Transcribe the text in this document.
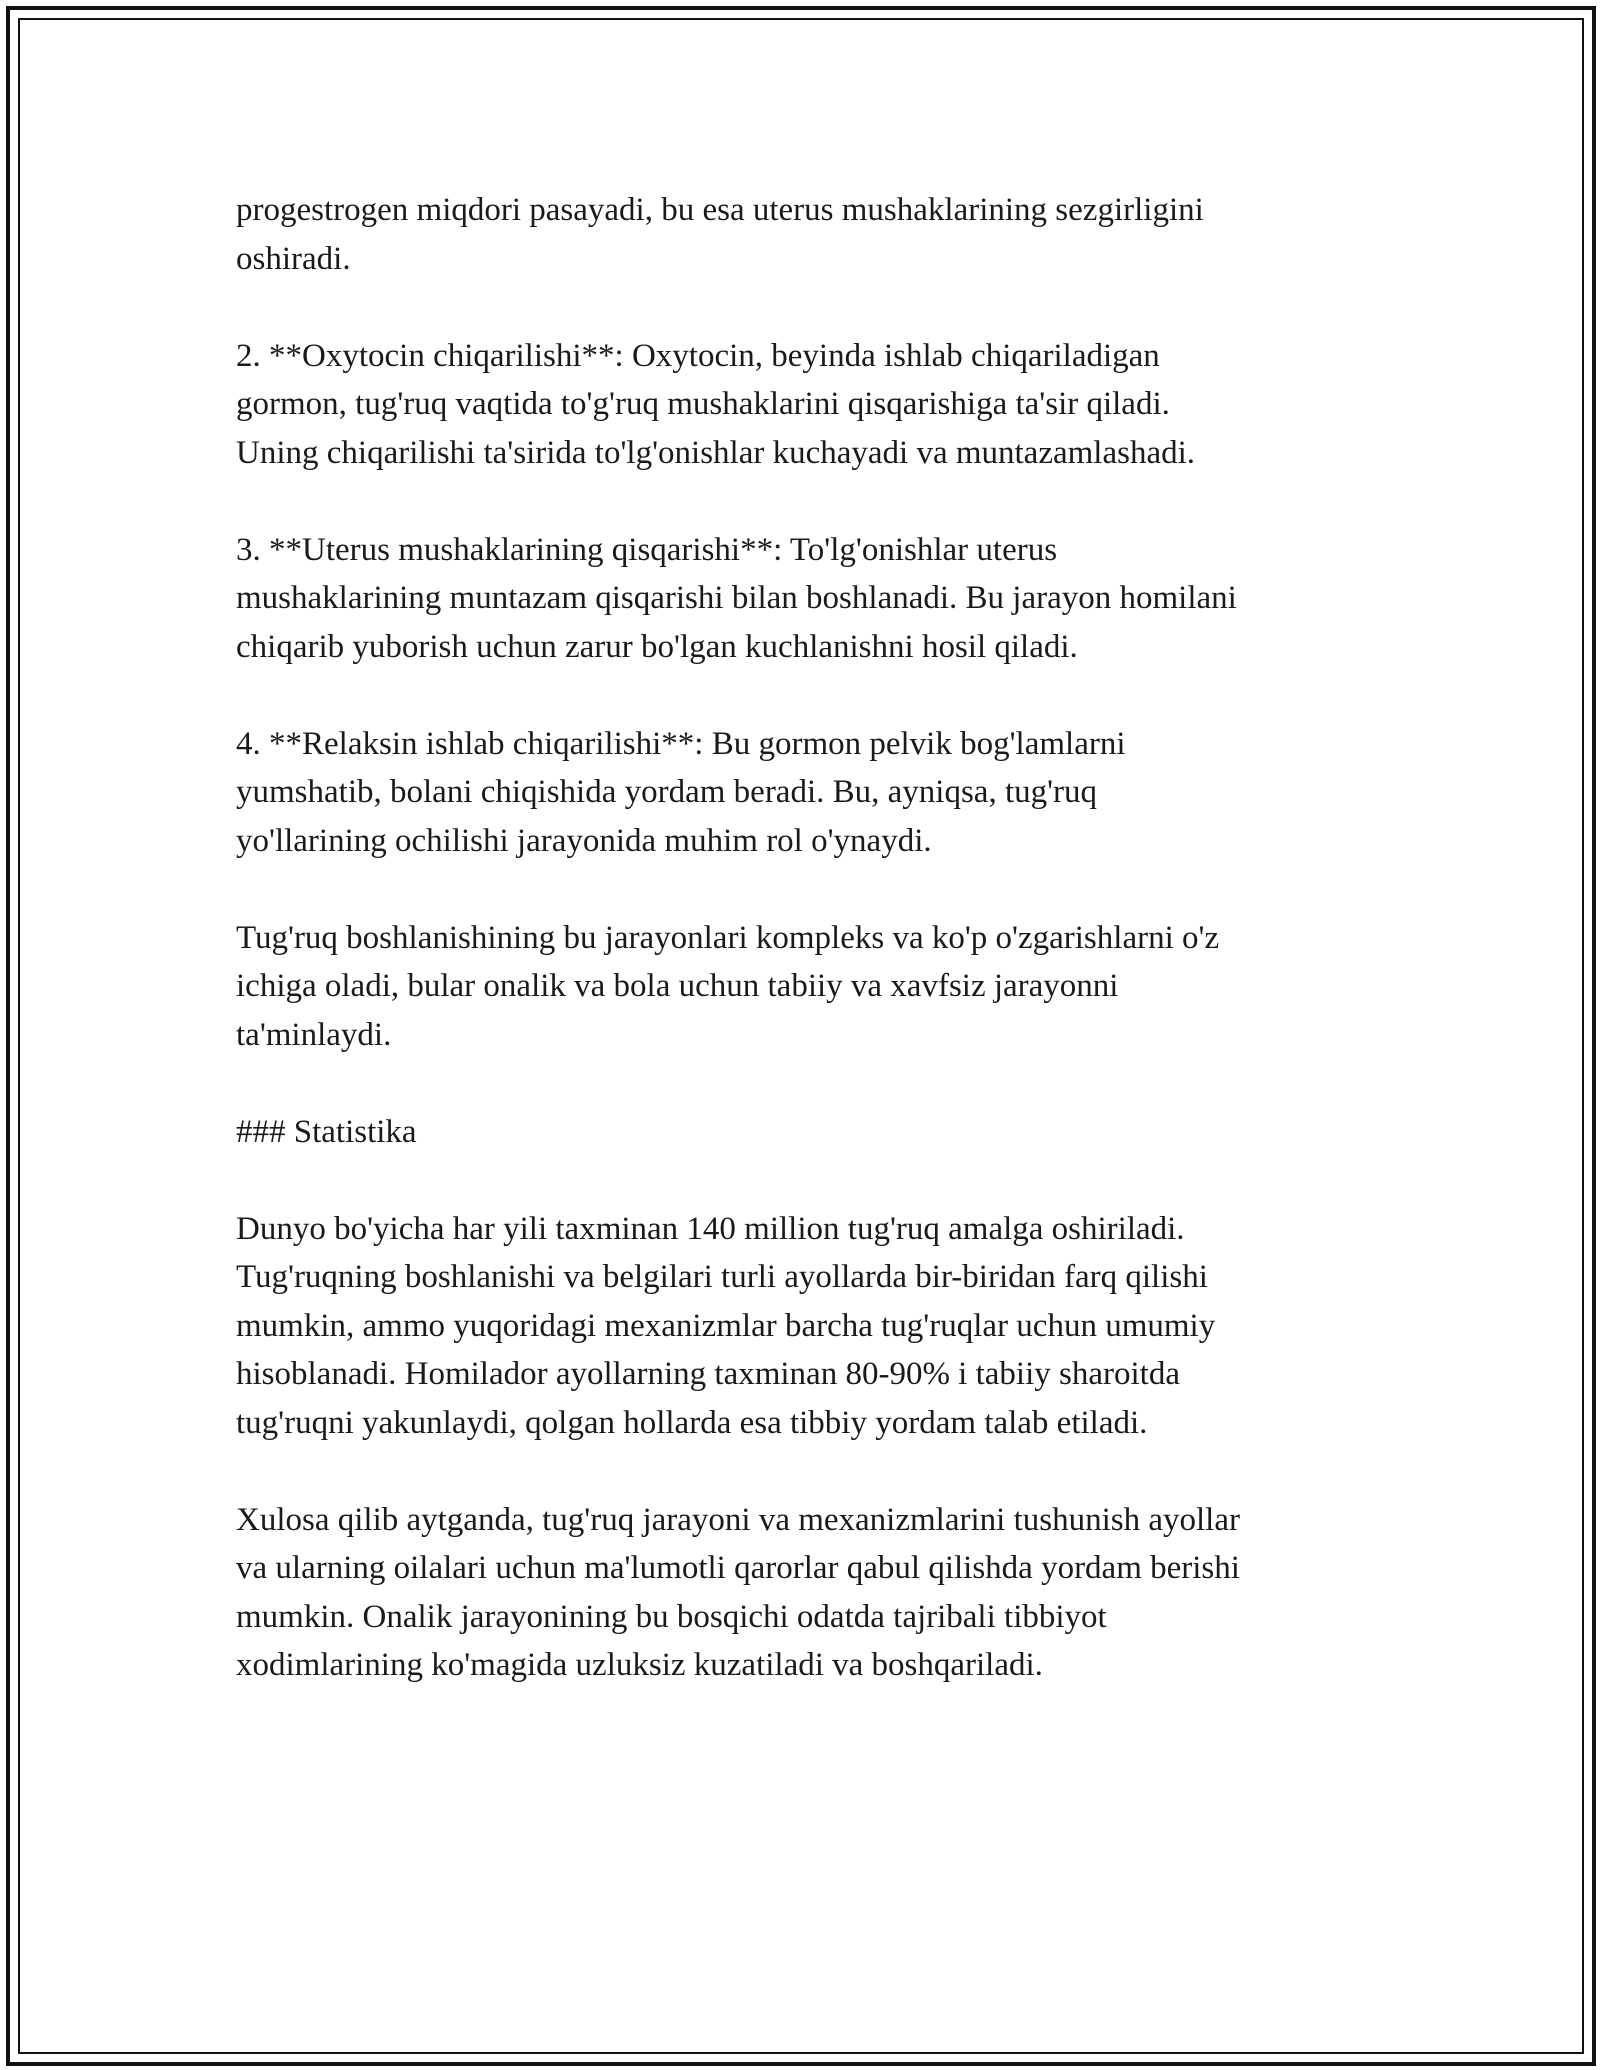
progestrogen miqdori pasayadi, bu esa uterus mushaklarining sezgirligini
oshiradi.

2. **Oxytocin chiqarilishi**: Oxytocin, beyinda ishlab chiqariladigan
gormon, tug'ruq vaqtida to'g'ruq mushaklarini qisqarishiga ta'sir qiladi.
Uning chiqarilishi ta'sirida to'lg'onishlar kuchayadi va muntazamlashadi.

3. **Uterus mushaklarining qisqarishi**: To'lg'onishlar uterus
mushaklarining muntazam qisqarishi bilan boshlanadi. Bu jarayon homilani
chiqarib yuborish uchun zarur bo'lgan kuchlanishni hosil qiladi.

4. **Relaksin ishlab chiqarilishi**: Bu gormon pelvik bog'lamlarni
yumshatib, bolani chiqishida yordam beradi. Bu, ayniqsa, tug'ruq
yo'llarining ochilishi jarayonida muhim rol o'ynaydi.

Tug'ruq boshlanishining bu jarayonlari kompleks va ko'p o'zgarishlarni o'z
ichiga oladi, bular onalik va bola uchun tabiiy va xavfsiz jarayonni
ta'minlaydi.

### Statistika

Dunyo bo'yicha har yili taxminan 140 million tug'ruq amalga oshiriladi.
Tug'ruqning boshlanishi va belgilari turli ayollarda bir-biridan farq qilishi
mumkin, ammo yuqoridagi mexanizmlar barcha tug'ruqlar uchun umumiy
hisoblanadi. Homilador ayollarning taxminan 80-90% i tabiiy sharoitda
tug'ruqni yakunlaydi, qolgan hollarda esa tibbiy yordam talab etiladi.

Xulosa qilib aytganda, tug'ruq jarayoni va mexanizmlarini tushunish ayollar
va ularning oilalari uchun ma'lumotli qarorlar qabul qilishda yordam berishi
mumkin. Onalik jarayonining bu bosqichi odatda tajribali tibbiyot
xodimlarining ko'magida uzluksiz kuzatiladi va boshqariladi.
